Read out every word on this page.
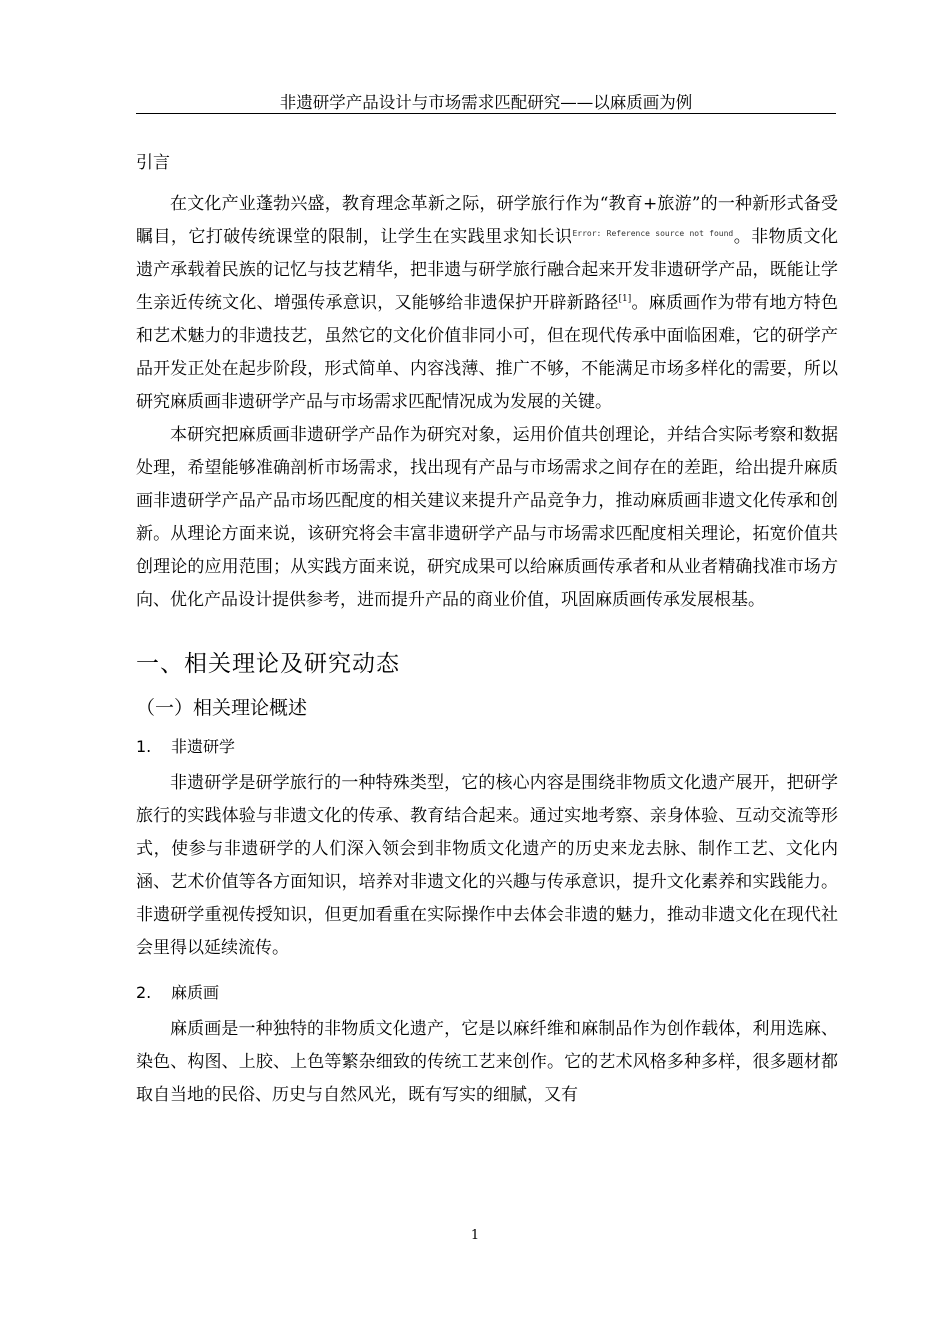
非遗研学产品设计与市场需求匹配研究——以麻质画为例
引言

在文化产业蓬勃兴盛，教育理念革新之际，研学旅行作为“教育+旅游”的一种新形式备受瞩目，它打破传统课堂的限制，让学生在实践里求知长识$^{Error: Reference source not found}$。非物质文化遗产承载着民族的记忆与技艺精华，把非遗与研学旅行融合起来开发非遗研学产品，既能让学生亲近传统文化、增强传承意识，又能够给非遗保护开辟新路径[1]。麻质画作为带有地方特色和艺术魅力的非遗技艺，虽然它的文化价值非同小可，但在现代传承中面临困难，它的研学产品开发正处在起步阶段，形式简单、内容浅薄、推广不够，不能满足市场多样化的需要，所以研究麻质画非遗研学产品与市场需求匹配情况成为发展的关键。

本研究把麻质画非遗研学产品作为研究对象，运用价值共创理论，并结合实际考察和数据处理，希望能够准确剖析市场需求，找出现有产品与市场需求之间存在的差距，给出提升麻质画非遗研学产品产品市场匹配度的相关建议来提升产品竞争力，推动麻质画非遗文化传承和创新。从理论方面来说，该研究将会丰富非遗研学产品与市场需求匹配度相关理论，拓宽价值共创理论的应用范围；从实践方面来说，研究成果可以给麻质画传承者和从业者精确找准市场方向、优化产品设计提供参考，进而提升产品的商业价值，巩固麻质画传承发展根基。

一、相关理论及研究动态
（一）相关理论概述
1. 非遗研学

非遗研学是研学旅行的一种特殊类型，它的核心内容是围绕非物质文化遗产展开，把研学旅行的实践体验与非遗文化的传承、教育结合起来。通过实地考察、亲身体验、互动交流等形式，使参与非遗研学的人们深入领会到非物质文化遗产的历史来龙去脉、制作工艺、文化内涵、艺术价值等各方面知识，培养对非遗文化的兴趣与传承意识，提升文化素养和实践能力。非遗研学重视传授知识，但更加看重在实际操作中去体会非遗的魅力，推动非遗文化在现代社会里得以延续流传。

2. 麻质画

麻质画是一种独特的非物质文化遗产，它是以麻纤维和麻制品作为创作载体，利用选麻、染色、构图、上胶、上色等繁杂细致的传统工艺来创作。它的艺术风格多种多样，很多题材都取自当地的民俗、历史与自然风光，既有写实的细腻，又有

1
